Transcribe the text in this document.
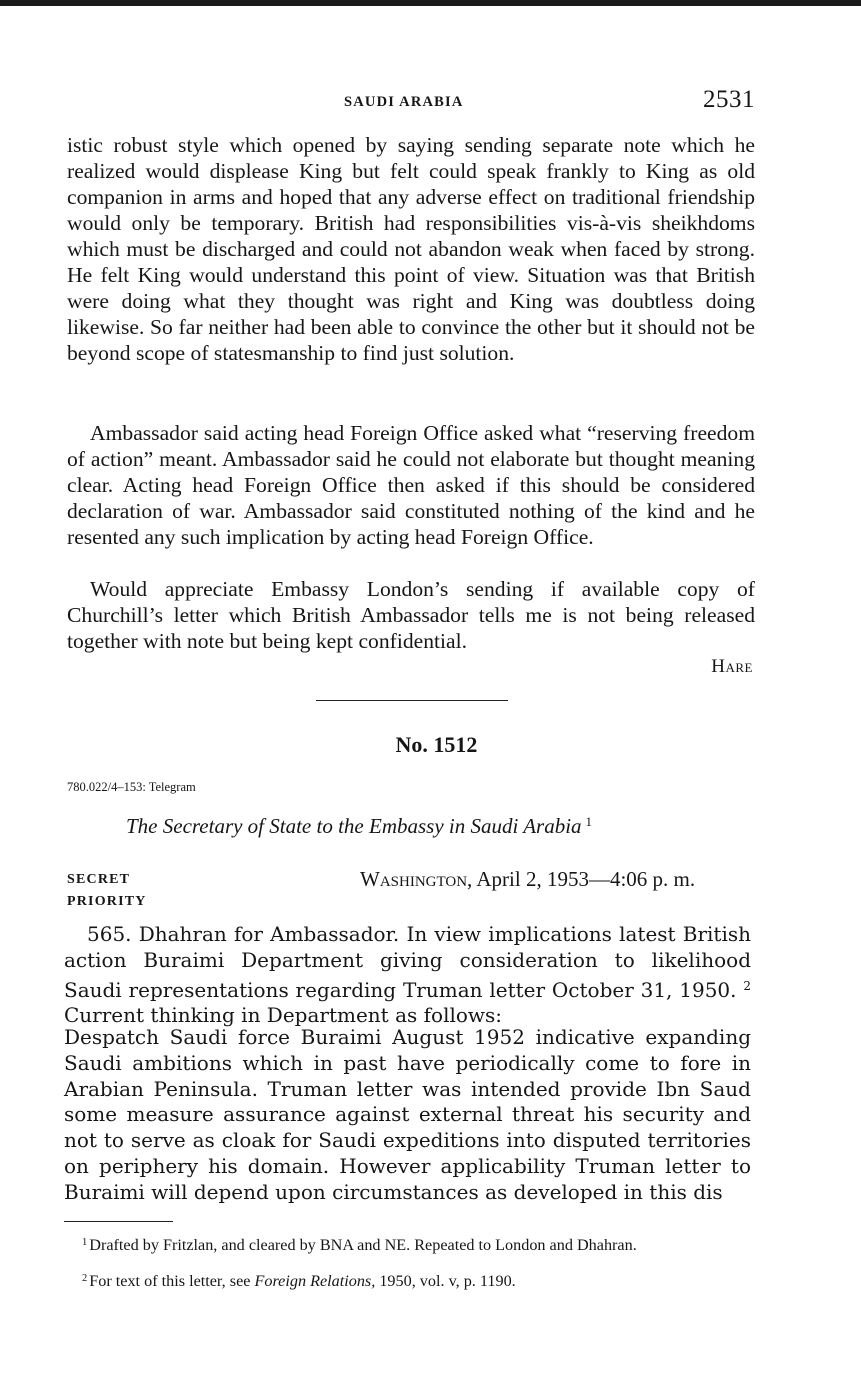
SAUDI ARABIA	2531

istic robust style which opened by saying sending separate note which he realized would displease King but felt could speak frankly to King as old companion in arms and hoped that any adverse effect on traditional friendship would only be temporary. British had responsibilities vis-à-vis sheikhdoms which must be discharged and could not abandon weak when faced by strong. He felt King would understand this point of view. Situation was that British were doing what they thought was right and King was doubtless doing likewise. So far neither had been able to convince the other but it should not be beyond scope of statesmanship to find just solution.

Ambassador said acting head Foreign Office asked what “reserving freedom of action” meant. Ambassador said he could not elaborate but thought meaning clear. Acting head Foreign Office then asked if this should be considered declaration of war. Ambassador said constituted nothing of the kind and he resented any such implication by acting head Foreign Office.

Would appreciate Embassy London’s sending if available copy of Churchill’s letter which British Ambassador tells me is not being released together with note but being kept confidential.

Hare
No. 1512
780.022/4–153: Telegram
The Secretary of State to the Embassy in Saudi Arabia $^1$
SECRET
PRIORITY
Washington, April 2, 1953—4:06 p. m.

565. Dhahran for Ambassador. In view implications latest British action Buraimi Department giving consideration to likelihood Saudi representations regarding Truman letter October 31, 1950. $^2$ Current thinking in Department as follows:

Despatch Saudi force Buraimi August 1952 indicative expanding Saudi ambitions which in past have periodically come to fore in Arabian Peninsula. Truman letter was intended provide Ibn Saud some measure assurance against external threat his security and not to serve as cloak for Saudi expeditions into disputed territories on periphery his domain. However applicability Truman letter to Buraimi will depend upon circumstances as developed in this dis

$^1$ Drafted by Fritzlan, and cleared by BNA and NE. Repeated to London and Dhahran.

$^2$ For text of this letter, see Foreign Relations, 1950, vol. v, p. 1190.
